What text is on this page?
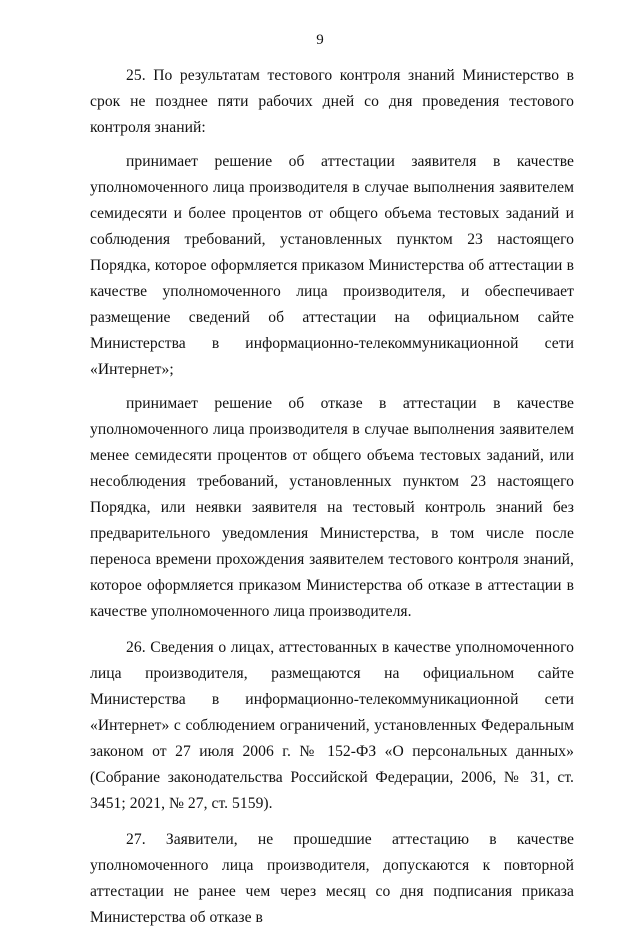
9

25. По результатам тестового контроля знаний Министерство в срок не позднее пяти рабочих дней со дня проведения тестового контроля знаний:

принимает решение об аттестации заявителя в качестве уполномоченного лица производителя в случае выполнения заявителем семидесяти и более процентов от общего объема тестовых заданий и соблюдения требований, установленных пунктом 23 настоящего Порядка, которое оформляется приказом Министерства об аттестации в качестве уполномоченного лица производителя, и обеспечивает размещение сведений об аттестации на официальном сайте Министерства в информационно-телекоммуникационной сети «Интернет»;

принимает решение об отказе в аттестации в качестве уполномоченного лица производителя в случае выполнения заявителем менее семидесяти процентов от общего объема тестовых заданий, или несоблюдения требований, установленных пунктом 23 настоящего Порядка, или неявки заявителя на тестовый контроль знаний без предварительного уведомления Министерства, в том числе после переноса времени прохождения заявителем тестового контроля знаний, которое оформляется приказом Министерства об отказе в аттестации в качестве уполномоченного лица производителя.

26. Сведения о лицах, аттестованных в качестве уполномоченного лица производителя, размещаются на официальном сайте Министерства в информационно-телекоммуникационной сети «Интернет» с соблюдением ограничений, установленных Федеральным законом от 27 июля 2006 г. № 152-ФЗ «О персональных данных» (Собрание законодательства Российской Федерации, 2006, № 31, ст. 3451; 2021, № 27, ст. 5159).

27. Заявители, не прошедшие аттестацию в качестве уполномоченного лица производителя, допускаются к повторной аттестации не ранее чем через месяц со дня подписания приказа Министерства об отказе в
